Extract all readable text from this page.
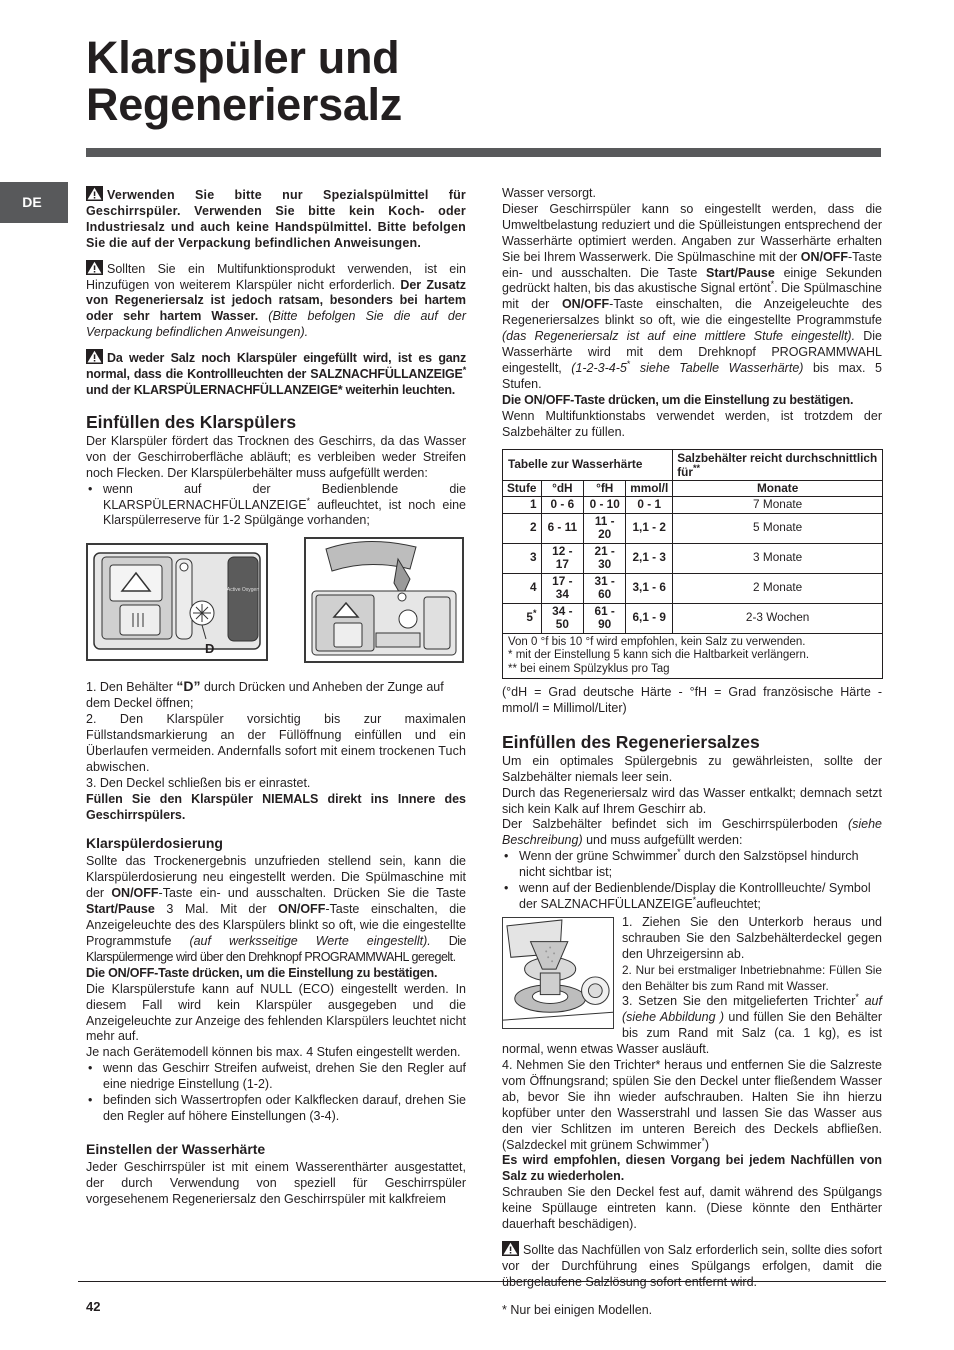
Klarspüler und
Regeneriersalz
DE	Verwenden Sie bitte nur Spezialspülmittel für Geschirrspüler. Verwenden Sie bitte kein Koch- oder Industriesalz und auch keine Handspülmittel. Bitte befolgen Sie die auf der Verpackung befindlichen Anweisungen.

Sollten Sie ein Multifunktionsprodukt verwenden, ist ein Hinzufügen von weiterem Klarspüler nicht erforderlich. Der Zusatz von Regeneriersalz ist jedoch ratsam, besonders bei hartem oder sehr hartem Wasser. (Bitte befolgen Sie die auf der Verpackung befindlichen Anweisungen).

Da weder Salz noch Klarspüler eingefüllt wird, ist es ganz normal, dass die Kontrollleuchten der SALZNACHFÜLLANZEIGE* und der KLARSPÜLERNACHFÜLLANZEIGE* weiterhin leuchten.

Einfüllen des Klarspülers

Der Klarspüler fördert das Trocknen des Geschirrs, da das Wasser von der Geschirroberfläche abläuft; es verbleiben weder Streifen noch Flecken. Der Klarspülerbehälter muss aufgefüllt werden:

• wenn auf der Bedienblende die KLARSPÜLERNACHFÜLLANZEIGE* aufleuchtet, ist noch eine Klarspülerreserve für 1-2 Spülgänge vorhanden;
Active Oxygen
D

1. Den Behälter “D” durch Drücken und Anheben der Zunge auf dem Deckel öffnen;

2. Den Klarspüler vorsichtig bis zur maximalen Füllstandsmarkierung an der Füllöffnung einfüllen und ein Überlaufen vermeiden. Andernfalls sofort mit einem trockenen Tuch abwischen.

3. Den Deckel schließen bis er einrastet.

Füllen Sie den Klarspüler NIEMALS direkt ins Innere des Geschirrspülers.

Klarspülerdosierung

Sollte das Trockenergebnis unzufrieden stellend sein, kann die Klarspülerdosierung neu eingestellt werden. Die Spülmaschine mit der ON/OFF-Taste ein- und ausschalten. Drücken Sie die Taste Start/Pause 3 Mal. Mit der ON/OFF-Taste einschalten, die Anzeigeleuchte des des Klarspülers blinkt so oft, wie die eingestellte Programmstufe (auf werksseitige Werte eingestellt). Die Klarspülermenge wird über den Drehknopf PROGRAMMWAHL geregelt.

Die ON/OFF-Taste drücken, um die Einstellung zu bestätigen.

Die Klarspülerstufe kann auf NULL (ECO) eingestellt werden. In diesem Fall wird kein Klarspüler ausgegeben und die Anzeigeleuchte zur Anzeige des fehlenden Klarspülers leuchtet nicht mehr auf.

Je nach Gerätemodell können bis max. 4 Stufen eingestellt werden.

• wenn das Geschirr Streifen aufweist, drehen Sie den Regler auf eine niedrige Einstellung (1-2).
• befinden sich Wassertropfen oder Kalkflecken darauf, drehen Sie den Regler auf höhere Einstellungen (3-4).
Einstellen der Wasserhärte

Jeder Geschirrspüler ist mit einem Wasserenthärter ausgestattet, der durch Verwendung von speziell für Geschirrspüler vorgesehenem Regeneriersalz den Geschirrspüler mit kalkfreiem

Wasser versorgt.

Dieser Geschirrspüler kann so eingestellt werden, dass die Umweltbelastung reduziert und die Spülleistungen entsprechend der Wasserhärte optimiert werden. Angaben zur Wasserhärte erhalten Sie bei Ihrem Wasserwerk. Die Spülmaschine mit der ON/OFF-Taste ein- und ausschalten. Die Taste Start/Pause einige Sekunden gedrückt halten, bis das akustische Signal ertönt*. Die Spülmaschine mit der ON/OFF-Taste einschalten, die Anzeigeleuchte des Regeneriersalzes blinkt so oft, wie die eingestellte Programmstufe (das Regeneriersalz ist auf eine mittlere Stufe eingestellt). Die Wasserhärte wird mit dem Drehknopf PROGRAMMWAHL eingestellt, (1-2-3-4-5* siehe Tabelle Wasserhärte) bis max. 5 Stufen.

Die ON/OFF-Taste drücken, um die Einstellung zu bestätigen.

Wenn Multifunktionstabs verwendet werden, ist trotzdem der Salzbehälter zu füllen.

Tabelle zur Wasserhärte				Salzbehälter reicht durchschnittlich für**
Stufe	°dH	°fH	mmol/l	Monate
1	0 - 6	0 - 10	0 - 1	7 Monate
2	6 - 11	11 - 20	1,1 - 2	5 Monate
3	12 - 17	21 - 30	2,1 - 3	3 Monate
4	17 - 34	31 - 60	3,1 - 6	2 Monate
5*	34 - 50	61 - 90	6,1 - 9	2-3 Wochen

Von 0 °f bis 10 °f wird empfohlen, kein Salz zu verwenden.
* mit der Einstellung 5 kann sich die Haltbarkeit verlängern.
** bei einem Spülzyklus pro Tag				

(°dH = Grad deutsche Härte - °fH = Grad französische Härte - mmol/l = Millimol/Liter)

Einfüllen des Regeneriersalzes

Um ein optimales Spülergebnis zu gewährleisten, sollte der Salzbehälter niemals leer sein.

Durch das Regeneriersalz wird das Wasser entkalkt; demnach setzt sich kein Kalk auf Ihrem Geschirr ab.

Der Salzbehälter befindet sich im Geschirrspülerboden (siehe Beschreibung) und muss aufgefüllt werden:

• Wenn der grüne Schwimmer* durch den Salzstöpsel hindurch nicht sichtbar ist;
• wenn auf der Bedienblende/Display die Kontrollleuchte/ Symbol der SALZNACHFÜLLANZEIGE*aufleuchtet;

1. Ziehen Sie den Unterkorb heraus und schrauben Sie den Salzbehälterdeckel gegen den Uhrzeigersinn ab.

2. Nur bei erstmaliger Inbetriebnahme: Füllen Sie den Behälter bis zum Rand mit Wasser.

3. Setzen Sie den mitgelieferten Trichter* auf (siehe Abbildung ) und füllen Sie den Behälter bis zum Rand mit Salz (ca. 1 kg), es ist normal, wenn etwas Wasser ausläuft.

4. Nehmen Sie den Trichter* heraus und entfernen Sie die Salzreste vom Öffnungsrand; spülen Sie den Deckel unter fließendem Wasser ab, bevor Sie ihn wieder aufschrauben. Halten Sie ihn hierzu kopfüber unter den Wasserstrahl und lassen Sie das Wasser aus den vier Schlitzen im unteren Bereich des Deckels abfließen. (Salzdeckel mit grünem Schwimmer*)

Es wird empfohlen, diesen Vorgang bei jedem Nachfüllen von Salz zu wiederholen.

Schrauben Sie den Deckel fest auf, damit während des Spülgangs keine Spüllauge eintreten kann. (Diese könnte den Enthärter dauerhaft beschädigen).

Sollte das Nachfüllen von Salz erforderlich sein, sollte dies sofort vor der Durchführung eines Spülgangs erfolgen, damit die

* Nur bei einigen Modellen.

42
